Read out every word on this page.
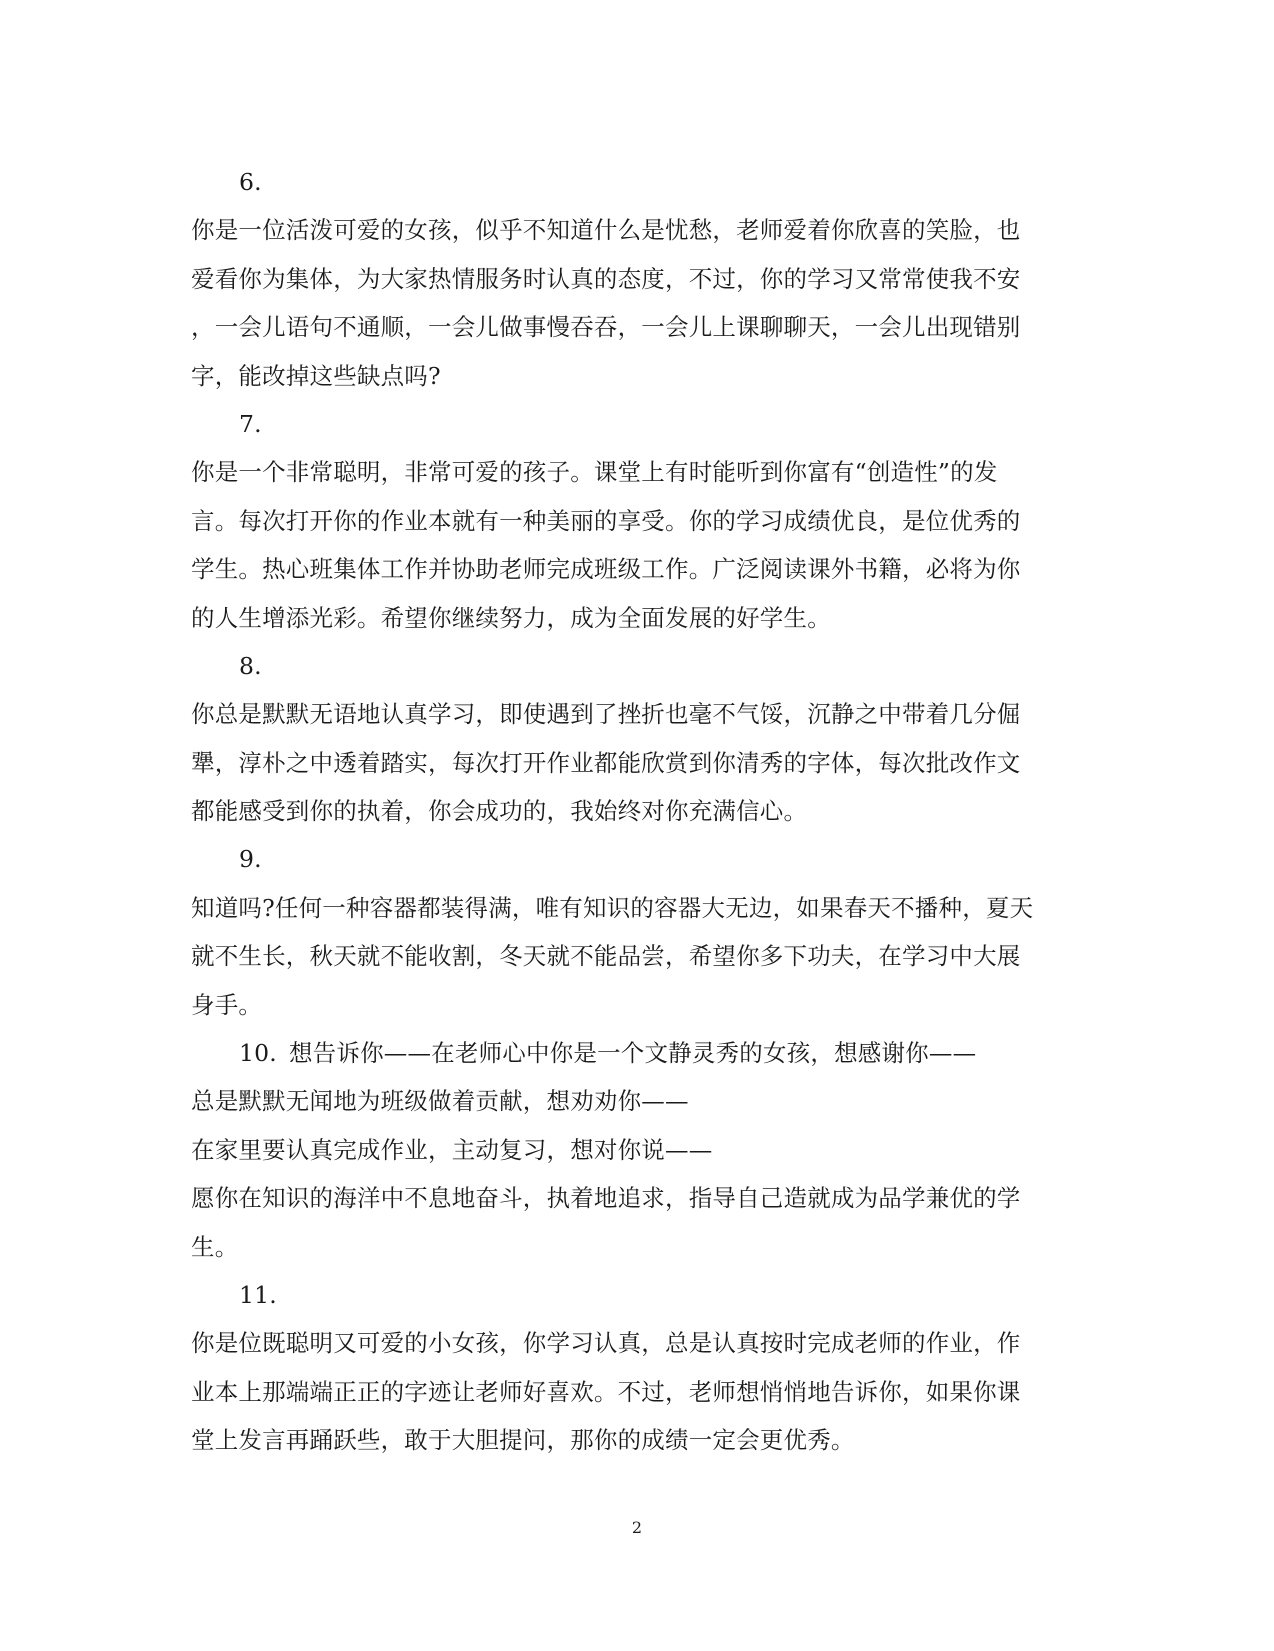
6.
你是一位活泼可爱的女孩，似乎不知道什么是忧愁，老师爱着你欣喜的笑脸，也
爱看你为集体，为大家热情服务时认真的态度，不过，你的学习又常常使我不安
，一会儿语句不通顺，一会儿做事慢吞吞，一会儿上课聊聊天，一会儿出现错别
字，能改掉这些缺点吗?
7.
你是一个非常聪明，非常可爱的孩子。课堂上有时能听到你富有“创造性”的发
言。每次打开你的作业本就有一种美丽的享受。你的学习成绩优良，是位优秀的
学生。热心班集体工作并协助老师完成班级工作。广泛阅读课外书籍，必将为你
的人生增添光彩。希望你继续努力，成为全面发展的好学生。
8.
你总是默默无语地认真学习，即使遇到了挫折也毫不气馁，沉静之中带着几分倔
犟，淳朴之中透着踏实，每次打开作业都能欣赏到你清秀的字体，每次批改作文
都能感受到你的执着，你会成功的，我始终对你充满信心。
9.
知道吗?任何一种容器都装得满，唯有知识的容器大无边，如果春天不播种，夏天
就不生长，秋天就不能收割，冬天就不能品尝，希望你多下功夫，在学习中大展
身手。
10. 想告诉你——在老师心中你是一个文静灵秀的女孩，想感谢你——
总是默默无闻地为班级做着贡献，想劝劝你——
在家里要认真完成作业，主动复习，想对你说——
愿你在知识的海洋中不息地奋斗，执着地追求，指导自己造就成为品学兼优的学
生。
11.
你是位既聪明又可爱的小女孩，你学习认真，总是认真按时完成老师的作业，作
业本上那端端正正的字迹让老师好喜欢。不过，老师想悄悄地告诉你，如果你课
堂上发言再踊跃些，敢于大胆提问，那你的成绩一定会更优秀。
2
